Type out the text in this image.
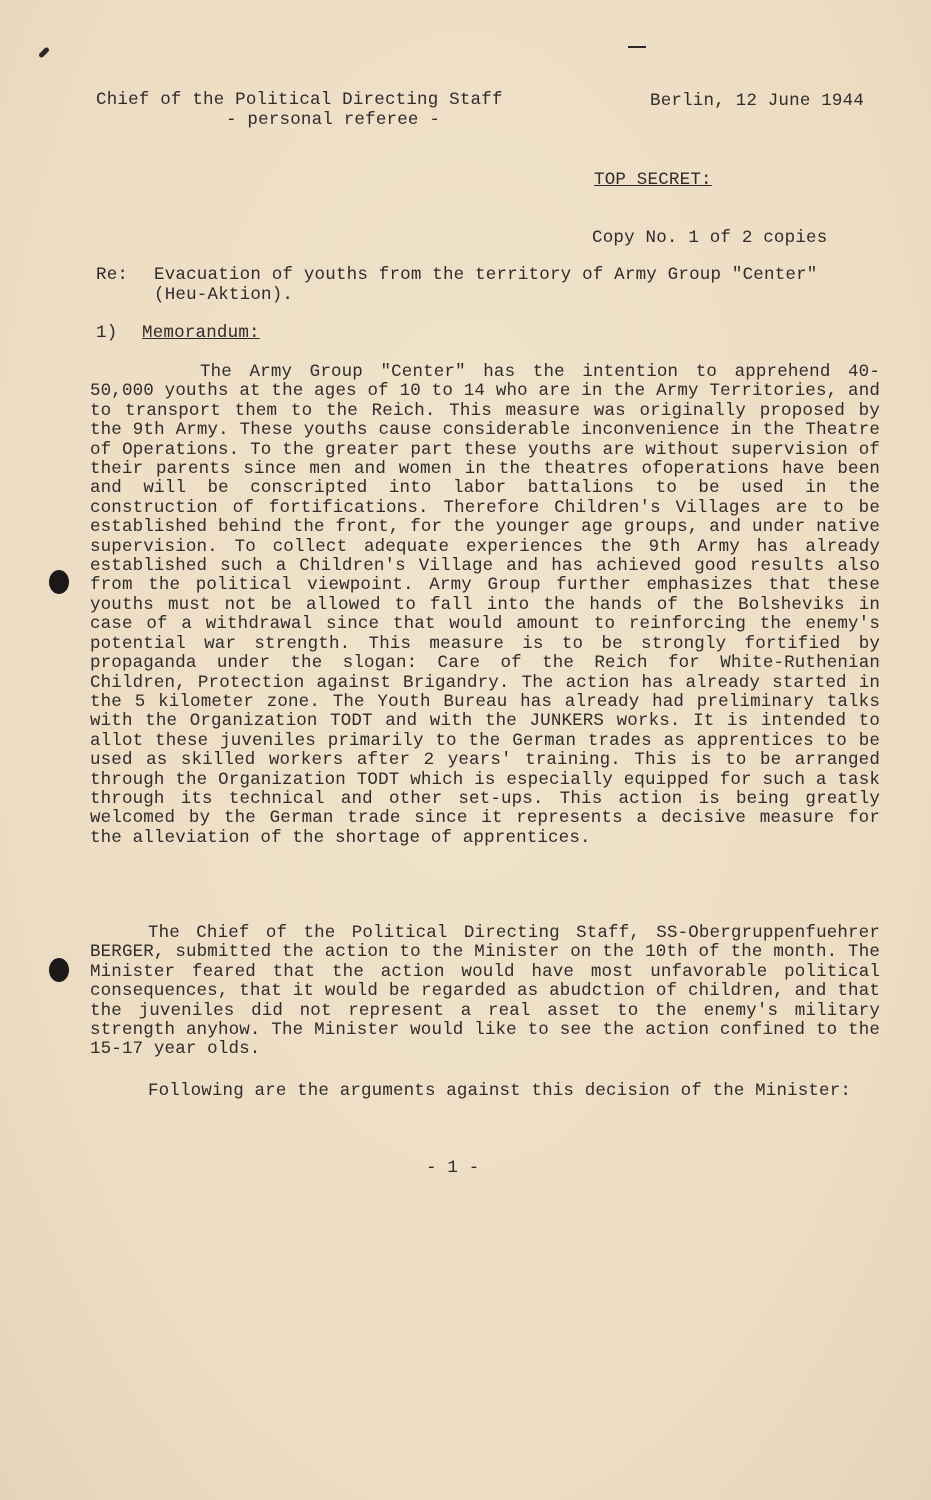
Chief of the Political Directing Staff
- personal referee -
Berlin, 12 June 1944
TOP SECRET:
Copy No. 1 of 2 copies
Re: Evacuation of youths from the territory of Army Group "Center"
(Heu-Aktion).
1) Memorandum:
The Army Group "Center" has the intention to apprehend 40-50,000 youths at the ages of 10 to 14 who are in the Army Territories, and to transport them to the Reich. This measure was originally proposed by the 9th Army. These youths cause considerable inconvenience in the Theatre of Operations. To the greater part these youths are without supervision of their parents since men and women in the theatres ofoperations have been and will be conscripted into labor battalions to be used in the construction of fortifications. Therefore Children's Villages are to be established behind the front, for the younger age groups, and under native supervision. To collect adequate experiences the 9th Army has already established such a Children's Village and has achieved good results also from the political viewpoint. Army Group further emphasizes that these youths must not be allowed to fall into the hands of the Bolsheviks in case of a withdrawal since that would amount to reinforcing the enemy's potential war strength. This measure is to be strongly fortified by propaganda under the slogan: Care of the Reich for White-Ruthenian Children, Protection against Brigandry. The action has already started in the 5 kilometer zone. The Youth Bureau has already had preliminary talks with the Organization TODT and with the JUNKERS works. It is intended to allot these juveniles primarily to the German trades as apprentices to be used as skilled workers after 2 years' training. This is to be arranged through the Organization TODT which is especially equipped for such a task through its technical and other set-ups. This action is being greatly welcomed by the German trade since it represents a decisive measure for the alleviation of the shortage of apprentices.
The Chief of the Political Directing Staff, SS-Obergruppenfuehrer BERGER, submitted the action to the Minister on the 10th of the month. The Minister feared that the action would have most unfavorable political consequences, that it would be regarded as abudction of children, and that the juveniles did not represent a real asset to the enemy's military strength anyhow. The Minister would like to see the action confined to the 15-17 year olds.
Following are the arguments against this decision of the Minister:
- 1 -
